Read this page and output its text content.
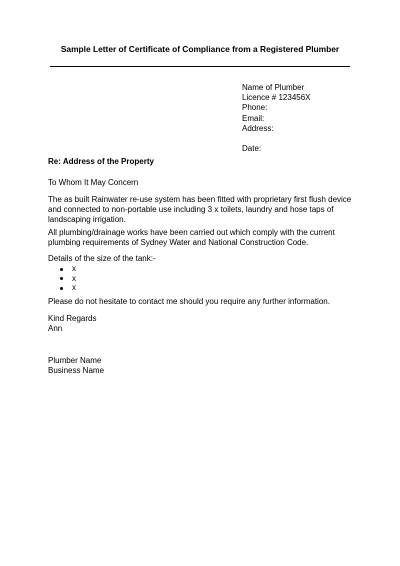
Sample Letter of Certificate of Compliance from a Registered Plumber
Name of Plumber
Licence # 123456X
Phone:
Email:
Address:
Date:
Re: Address of the Property
To Whom It May Concern
The as built Rainwater re-use system has been fitted with proprietary first flush device and connected to non-portable use including 3 x toilets, laundry and hose taps of landscaping irrigation.
All plumbing/drainage works have been carried out which comply with the current plumbing requirements of Sydney Water and National Construction Code.
Details of the size of the tank:-
x
x
x
Please do not hesitate to contact me should you require any further information.
Kind Regards
Ann
Plumber Name
Business Name
